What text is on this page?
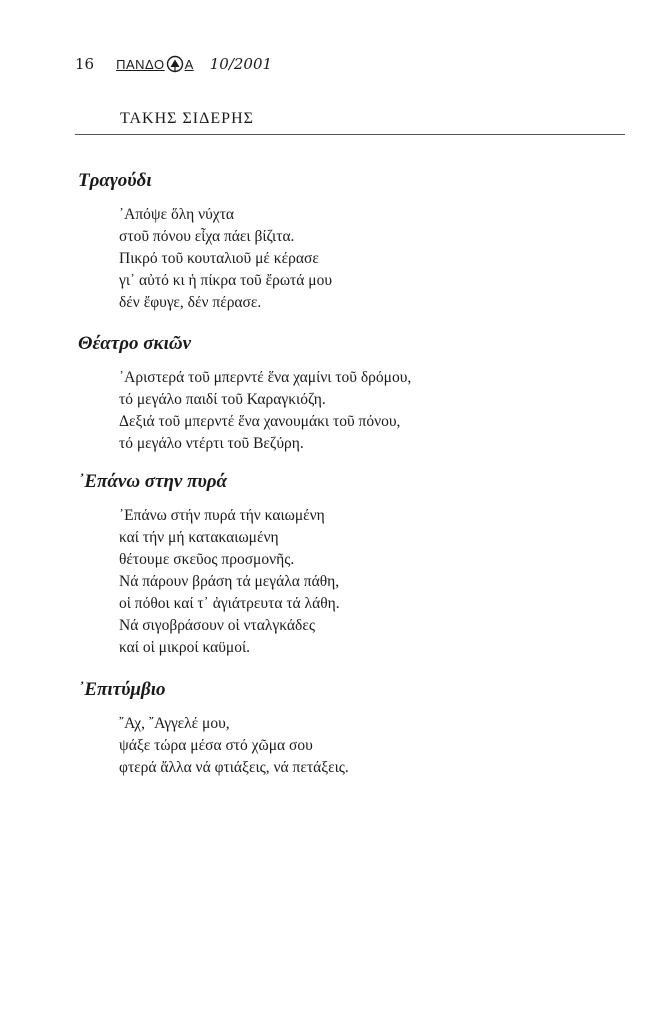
16 ΠΑΝΔΟ Α 10/2001
ΤΑΚΗΣ ΣΙΔΕΡΗΣ
Τραγούδι
᾿Απόψε ὅλη νύχτα
στοῦ πόνου εἶχα πάει βίζιτα.
Πικρό τοῦ κουταλιοῦ μέ κέρασε
γι᾿ αὐτό κι ἡ πίκρα τοῦ ἔρωτά μου
δέν ἔφυγε, δέν πέρασε.
Θέατρο σκιῶν
᾿Αριστερά τοῦ μπερντέ ἕνα χαμίνι τοῦ δρόμου,
τό μεγάλο παιδί τοῦ Καραγκιόζη.
Δεξιά τοῦ μπερντέ ἕνα χανουμάκι τοῦ πόνου,
τό μεγάλο ντέρτι τοῦ Βεζύρη.
᾿Επάνω στην πυρά
᾿Επάνω στήν πυρά τήν καιωμένη
καί τήν μή κατακαιωμένη
θέτουμε σκεῦος προσμονῆς.
Νά πάρουν βράση τά μεγάλα πάθη,
οἱ πόθοι καί τ᾿ ἀγιάτρευτα τά λάθη.
Νά σιγοβράσουν οἱ νταλγκάδες
καί οἱ μικροί καϋμοί.
᾿Επιτύμβιο
῎Αχ, ῎Αγγελέ μου,
ψάξε τώρα μέσα στό χῶμα σου
φτερά ἄλλα νά φτιάξεις, νά πετάξεις.
